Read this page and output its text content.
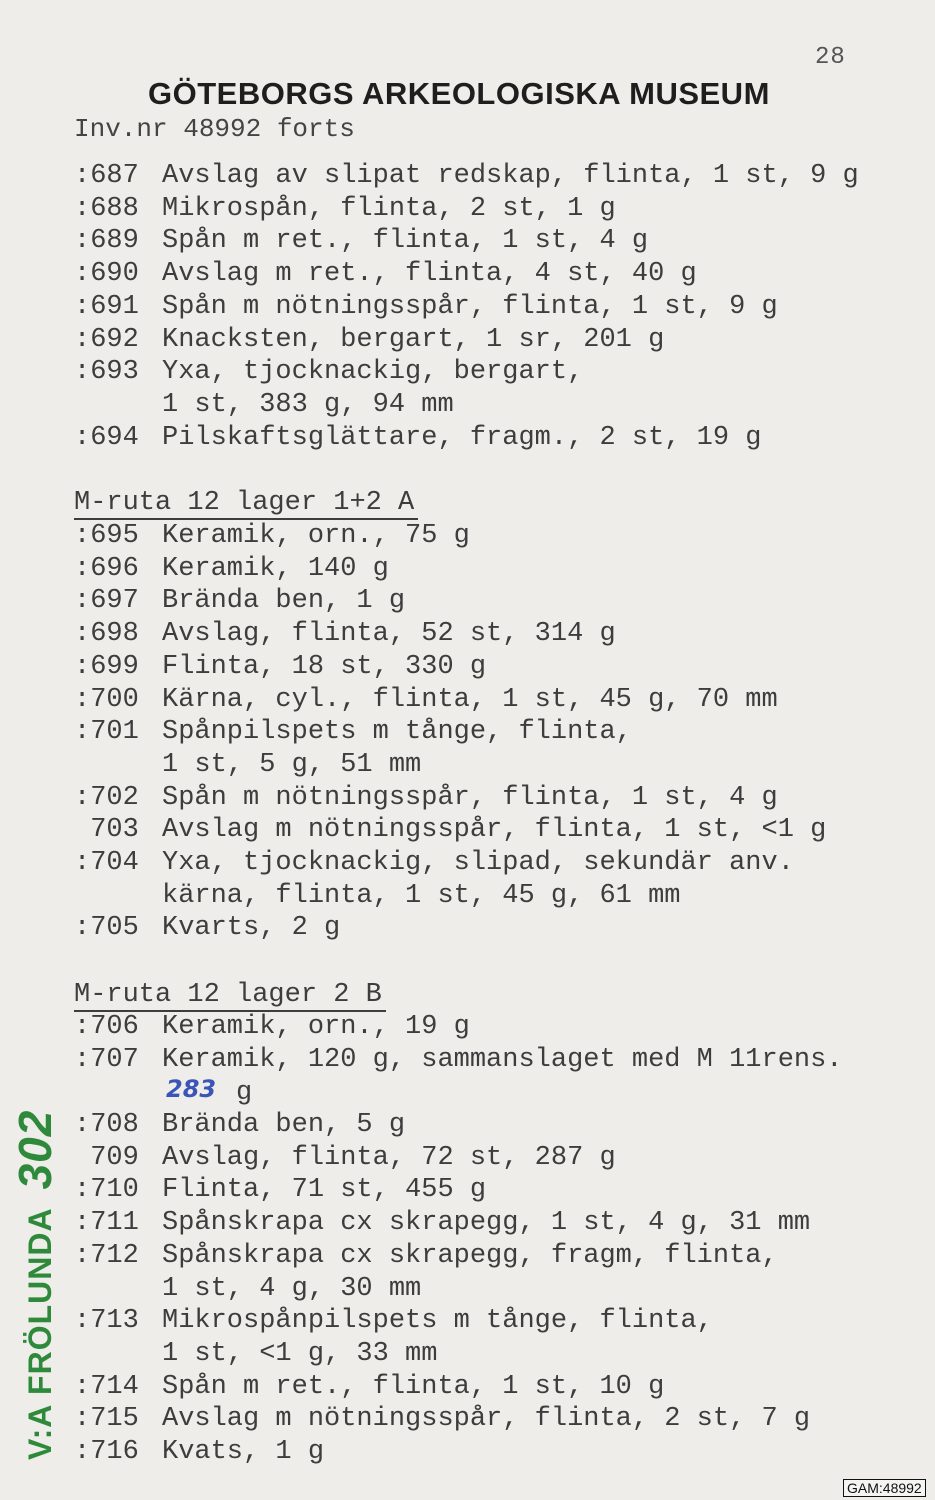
28
GÖTEBORGS ARKEOLOGISKA MUSEUM
Inv.nr 48992 forts
:687 Avslag av slipat redskap, flinta, 1 st, 9 g
:688 Mikrospån, flinta, 2 st, 1 g
:689 Spån m ret., flinta, 1 st, 4 g
:690 Avslag m ret., flinta, 4 st, 40 g
:691 Spån m nötningsspår, flinta, 1 st, 9 g
:692 Knacksten, bergart, 1 sr, 201 g
:693 Yxa, tjocknackig, bergart,
1 st, 383 g, 94 mm
:694 Pilskaftsglättare, fragm., 2 st, 19 g
M-ruta 12 lager 1+2 A
:695 Keramik, orn., 75 g
:696 Keramik, 140 g
:697 Brända ben, 1 g
:698 Avslag, flinta, 52 st, 314 g
:699 Flinta, 18 st, 330 g
:700 Kärna, cyl., flinta, 1 st, 45 g, 70 mm
:701 Spånpilspets m tånge, flinta,
1 st, 5 g, 51 mm
:702 Spån m nötningsspår, flinta, 1 st, 4 g
703 Avslag m nötningsspår, flinta, 1 st, <1 g
:704 Yxa, tjocknackig, slipad, sekundär anv.
kärna, flinta, 1 st, 45 g, 61 mm
:705 Kvarts, 2 g
M-ruta 12 lager 2 B
:706 Keramik, orn., 19 g
:707 Keramik, 120 g, sammanslaget med M 11rens.
283 g
:708 Brända ben, 5 g
709 Avslag, flinta, 72 st, 287 g
:710 Flinta, 71 st, 455 g
:711 Spånskrapa cx skrapegg, 1 st, 4 g, 31 mm
:712 Spånskrapa cx skrapegg, fragm, flinta,
1 st, 4 g, 30 mm
:713 Mikrospånpilspets m tånge, flinta,
1 st, <1 g, 33 mm
:714 Spån m ret., flinta, 1 st, 10 g
:715 Avslag m nötningsspår, flinta, 2 st, 7 g
:716 Kvats, 1 g
V:A FRÖLUNDA302
GAM:48992
